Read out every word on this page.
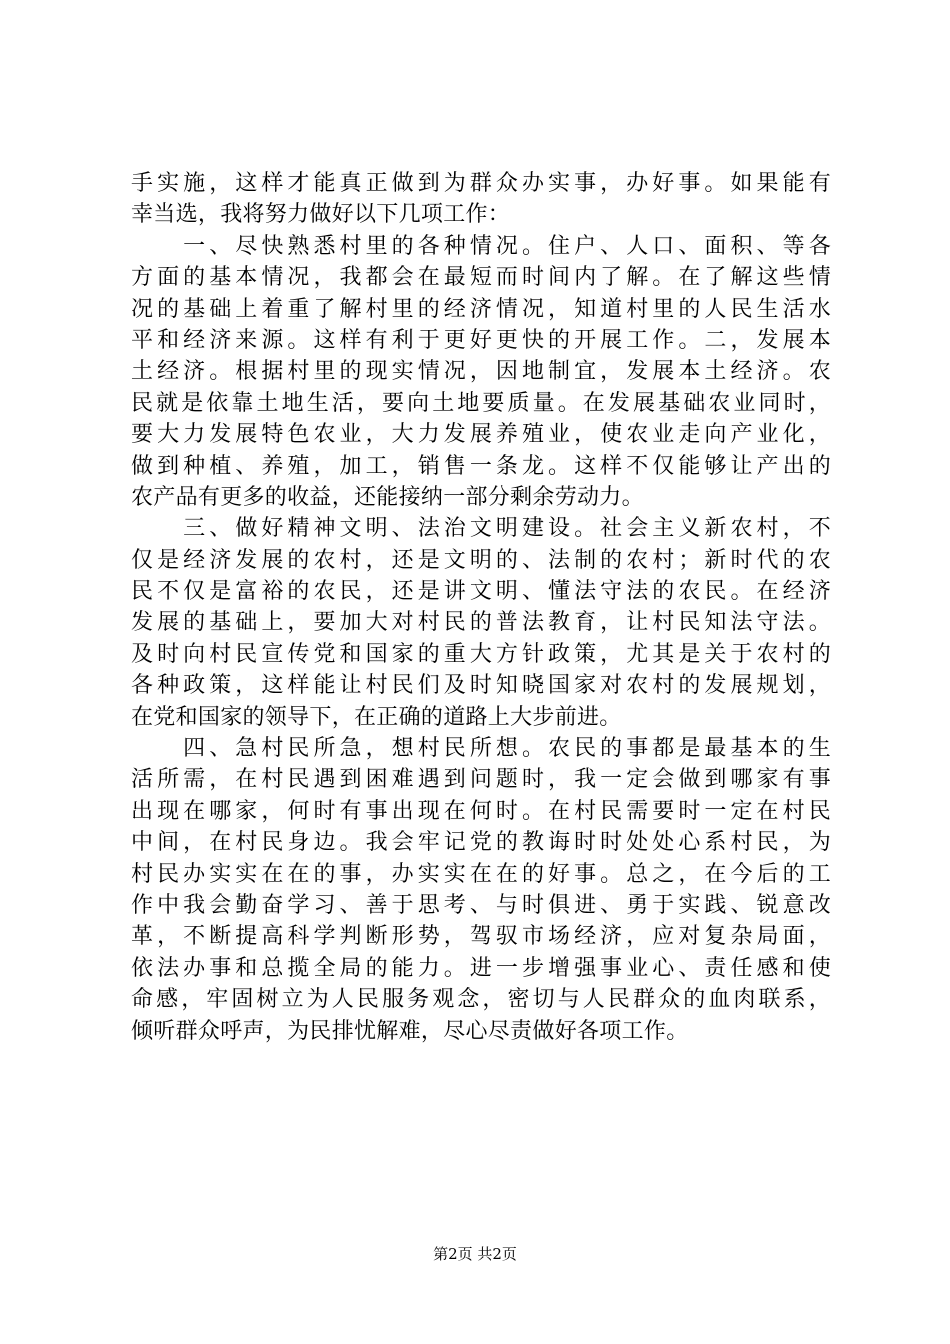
手实施，这样才能真正做到为群众办实事，办好事。如果能有
幸当选，我将努力做好以下几项工作：
　　一、尽快熟悉村里的各种情况。住户、人口、面积、等各
方面的基本情况，我都会在最短而时间内了解。在了解这些情
况的基础上着重了解村里的经济情况，知道村里的人民生活水
平和经济来源。这样有利于更好更快的开展工作。二，发展本
土经济。根据村里的现实情况，因地制宜，发展本土经济。农
民就是依靠土地生活，要向土地要质量。在发展基础农业同时，
要大力发展特色农业，大力发展养殖业，使农业走向产业化，
做到种植、养殖，加工，销售一条龙。这样不仅能够让产出的
农产品有更多的收益，还能接纳一部分剩余劳动力。
　　三、做好精神文明、法治文明建设。社会主义新农村，不
仅是经济发展的农村，还是文明的、法制的农村；新时代的农
民不仅是富裕的农民，还是讲文明、懂法守法的农民。在经济
发展的基础上，要加大对村民的普法教育，让村民知法守法。
及时向村民宣传党和国家的重大方针政策，尤其是关于农村的
各种政策，这样能让村民们及时知晓国家对农村的发展规划，
在党和国家的领导下，在正确的道路上大步前进。
　　四、急村民所急，想村民所想。农民的事都是最基本的生
活所需，在村民遇到困难遇到问题时，我一定会做到哪家有事
出现在哪家，何时有事出现在何时。在村民需要时一定在村民
中间，在村民身边。我会牢记党的教诲时时处处心系村民，为
村民办实实在在的事，办实实在在的好事。总之，在今后的工
作中我会勤奋学习、善于思考、与时俱进、勇于实践、锐意改
革，不断提高科学判断形势，驾驭市场经济，应对复杂局面，
依法办事和总揽全局的能力。进一步增强事业心、责任感和使
命感，牢固树立为人民服务观念，密切与人民群众的血肉联系，
倾听群众呼声，为民排忧解难，尽心尽责做好各项工作。
第2页 共2页
